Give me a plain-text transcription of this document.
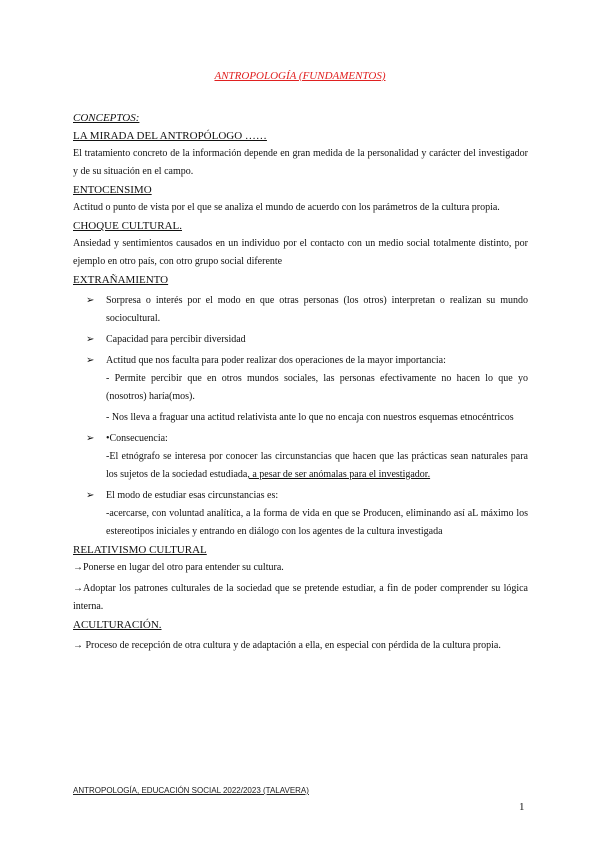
ANTROPOLOGÍA (FUNDAMENTOS)
CONCEPTOS:
LA MIRADA DEL ANTROPÓLOGO ……
El tratamiento concreto de la información depende en gran medida de la personalidad y carácter del investigador y de su situación en el campo.
ENTOCENSIMO
Actitud o punto de vista por el que se analiza el mundo de acuerdo con los parámetros de la cultura propia.
CHOQUE CULTURAL.
Ansiedad y sentimientos causados en un individuo por el contacto con un medio social totalmente distinto, por ejemplo en otro país, con otro grupo social diferente
EXTRAÑAMIENTO
➢ Sorpresa o interés por el modo en que otras personas (los otros) interpretan o realizan su mundo sociocultural.
➢ Capacidad para percibir diversidad
➢ Actitud que nos faculta para poder realizar dos operaciones de la mayor importancia:
- Permite percibir que en otros mundos sociales, las personas efectivamente no hacen lo que yo (nosotros) haría(mos).
- Nos lleva a fraguar una actitud relativista ante lo que no encaja con nuestros esquemas etnocéntricos
➢ •Consecuencia:
-El etnógrafo se interesa por conocer las circunstancias que hacen que las prácticas sean naturales para los sujetos de la sociedad estudiada, a pesar de ser anómalas para el investigador.
➢ El modo de estudiar esas circunstancias es:
-acercarse, con voluntad analítica, a la forma de vida en que se Producen, eliminando así aL máximo los estereotipos iniciales y entrando en diálogo con los agentes de la cultura investigada
RELATIVISMO CULTURAL
→Ponerse en lugar del otro para entender su cultura.
→Adoptar los patrones culturales de la sociedad que se pretende estudiar, a fin de poder comprender su lógica interna.
ACULTURACIÓN.
→ Proceso de recepción de otra cultura y de adaptación a ella, en especial con pérdida de la cultura propia.
ANTROPOLOGÍA, EDUCACIÓN SOCIAL 2022/2023 (TALAVERA)
1
